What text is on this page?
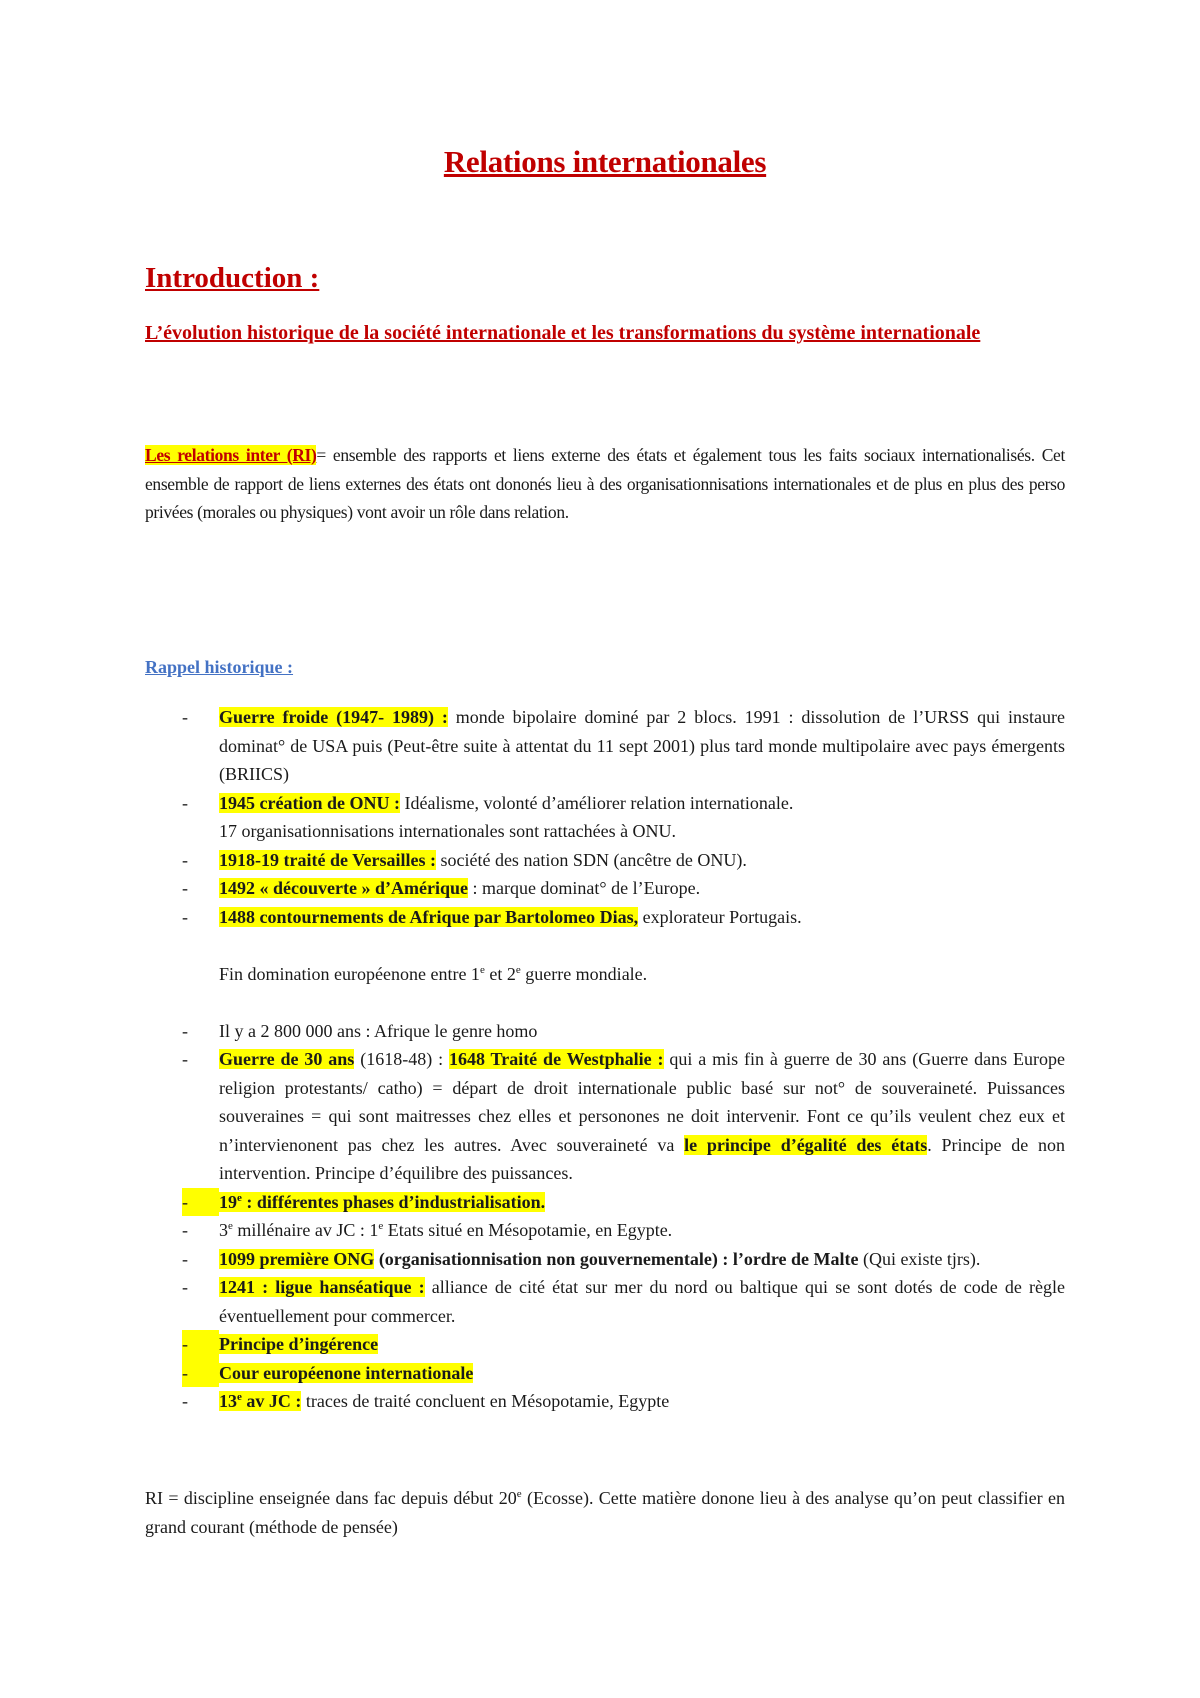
Relations internationales
Introduction :
L’évolution historique de la société internationale et les transformations du système internationale

Les relations inter (RI)= ensemble des rapports et liens externe des états et également tous les faits sociaux internationalisés. Cet ensemble de rapport de liens externes des états ont dononés lieu à des organisationnisations internationales et de plus en plus des perso privées (morales ou physiques) vont avoir un rôle dans relation.

Rappel historique :
- Guerre froide (1947- 1989) : monde bipolaire dominé par 2 blocs. 1991 : dissolution de l’URSS qui instaure dominat° de USA puis (Peut-être suite à attentat du 11 sept 2001) plus tard monde multipolaire avec pays émergents (BRIICS)
- 1945 création de ONU : Idéalisme, volonté d’améliorer relation internationale.
17 organisationnisations internationales sont rattachées à ONU.
- 1918-19 traité de Versailles : société des nation SDN (ancêtre de ONU).
- 1492 « découverte » d’Amérique : marque dominat° de l’Europe.
- 1488 contournements de Afrique par Bartolomeo Dias, explorateur Portugais.
Fin domination européenone entre 1e et 2e guerre mondiale.
- Il y a 2 800 000 ans : Afrique le genre homo
- Guerre de 30 ans (1618-48) : 1648 Traité de Westphalie : qui a mis fin à guerre de 30 ans (Guerre dans Europe religion protestants/ catho) = départ de droit internationale public basé sur not° de souveraineté. Puissances souveraines = qui sont maitresses chez elles et personones ne doit intervenir. Font ce qu’ils veulent chez eux et n’intervienonent pas chez les autres. Avec souveraineté va le principe d’égalité des états. Principe de non intervention. Principe d’équilibre des puissances.
- 19e : différentes phases d’industrialisation.
- 3e millénaire av JC : 1e Etats situé en Mésopotamie, en Egypte.
- 1099 première ONG (organisationnisation non gouvernementale) : l’ordre de Malte (Qui existe tjrs).
- 1241 : ligue hanséatique : alliance de cité état sur mer du nord ou baltique qui se sont dotés de code de règle éventuellement pour commercer.
- Principe d’ingérence
- Cour européenone internationale
- 13e av JC : traces de traité concluent en Mésopotamie, Egypte

RI = discipline enseignée dans fac depuis début 20e (Ecosse). Cette matière donone lieu à des analyse qu’on peut classifier en grand courant (méthode de pensée)
